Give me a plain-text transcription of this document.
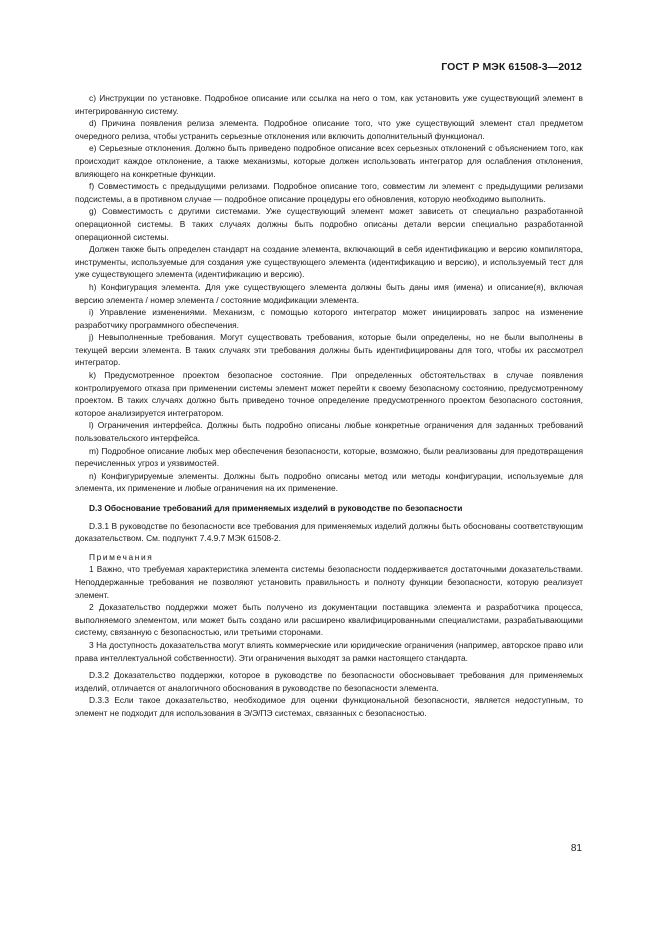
ГОСТ Р МЭК 61508-3—2012

c) Инструкции по установке. Подробное описание или ссылка на него о том, как установить уже существующий элемент в интегрированную систему.

d) Причина появления релиза элемента. Подробное описание того, что уже существующий элемент стал предметом очередного релиза, чтобы устранить серьезные отклонения или включить дополнительный функционал.

e) Серьезные отклонения. Должно быть приведено подробное описание всех серьезных отклонений с объяснением того, как происходит каждое отклонение, а также механизмы, которые должен использовать интегратор для ослабления отклонения, влияющего на конкретные функции.

f) Совместимость с предыдущими релизами. Подробное описание того, совместим ли элемент с предыдущими релизами подсистемы, а в противном случае — подробное описание процедуры его обновления, которую необходимо выполнить.

g) Совместимость с другими системами. Уже существующий элемент может зависеть от специально разработанной операционной системы. В таких случаях должны быть подробно описаны детали версии специально разработанной операционной системы.

Должен также быть определен стандарт на создание элемента, включающий в себя идентификацию и версию компилятора, инструменты, используемые для создания уже существующего элемента (идентификацию и версию), и используемый тест для уже существующего элемента (идентификацию и версию).

h) Конфигурация элемента. Для уже существующего элемента должны быть даны имя (имена) и описание(я), включая версию элемента / номер элемента / состояние модификации элемента.

i) Управление изменениями. Механизм, с помощью которого интегратор может инициировать запрос на изменение разработчику программного обеспечения.

j) Невыполненные требования. Могут существовать требования, которые были определены, но не были выполнены в текущей версии элемента. В таких случаях эти требования должны быть идентифицированы для того, чтобы их рассмотрел интегратор.

k) Предусмотренное проектом безопасное состояние. При определенных обстоятельствах в случае появления контролируемого отказа при применении системы элемент может перейти к своему безопасному состоянию, предусмотренному проектом. В таких случаях должно быть приведено точное определение предусмотренного проектом безопасного состояния, которое анализируется интегратором.

l) Ограничения интерфейса. Должны быть подробно описаны любые конкретные ограничения для заданных требований пользовательского интерфейса.

m) Подробное описание любых мер обеспечения безопасности, которые, возможно, были реализованы для предотвращения перечисленных угроз и уязвимостей.

n) Конфигурируемые элементы. Должны быть подробно описаны метод или методы конфигурации, используемые для элемента, их применение и любые ограничения на их применение.

D.3 Обоснование требований для применяемых изделий в руководстве по безопасности

D.3.1 В руководстве по безопасности все требования для применяемых изделий должны быть обоснованы соответствующим доказательством. См. подпункт 7.4.9.7 МЭК 61508-2.

Примечания

1 Важно, что требуемая характеристика элемента системы безопасности поддерживается достаточными доказательствами. Неподдержанные требования не позволяют установить правильность и полноту функции безопасности, которую реализует элемент.

2 Доказательство поддержки может быть получено из документации поставщика элемента и разработчика процесса, выполняемого элементом, или может быть создано или расширено квалифицированными специалистами, разрабатывающими систему, связанную с безопасностью, или третьими сторонами.

3 На доступность доказательства могут влиять коммерческие или юридические ограничения (например, авторское право или права интеллектуальной собственности). Эти ограничения выходят за рамки настоящего стандарта.

D.3.2 Доказательство поддержки, которое в руководстве по безопасности обосновывает требования для применяемых изделий, отличается от аналогичного обоснования в руководстве по безопасности элемента.

D.3.3 Если такое доказательство, необходимое для оценки функциональной безопасности, является недоступным, то элемент не подходит для использования в Э/Э/ПЭ системах, связанных с безопасностью.

81
